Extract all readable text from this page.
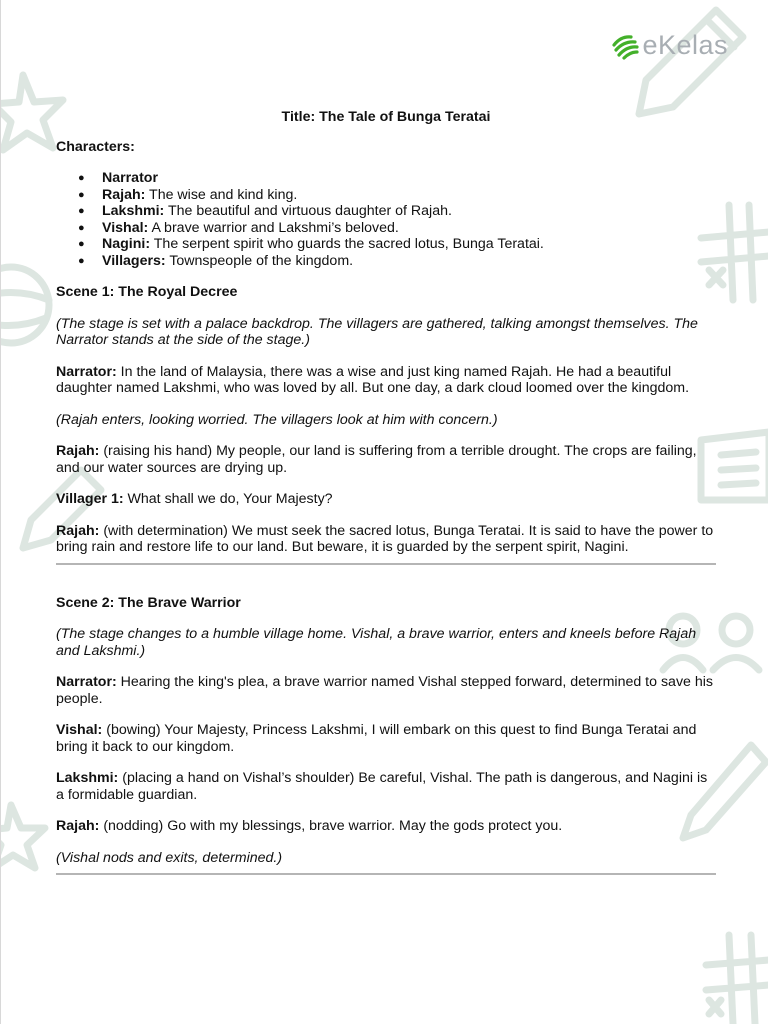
eKelas

Title: The Tale of Bunga Teratai

Characters:

● Narrator
● Rajah: The wise and kind king.
● Lakshmi: The beautiful and virtuous daughter of Rajah.
● Vishal: A brave warrior and Lakshmi’s beloved.
● Nagini: The serpent spirit who guards the sacred lotus, Bunga Teratai.
● Villagers: Townspeople of the kingdom.

Scene 1: The Royal Decree

(The stage is set with a palace backdrop. The villagers are gathered, talking amongst themselves. The Narrator stands at the side of the stage.)

Narrator: In the land of Malaysia, there was a wise and just king named Rajah. He had a beautiful daughter named Lakshmi, who was loved by all. But one day, a dark cloud loomed over the kingdom.

(Rajah enters, looking worried. The villagers look at him with concern.)

Rajah: (raising his hand) My people, our land is suffering from a terrible drought. The crops are failing, and our water sources are drying up.

Villager 1: What shall we do, Your Majesty?

Rajah: (with determination) We must seek the sacred lotus, Bunga Teratai. It is said to have the power to bring rain and restore life to our land. But beware, it is guarded by the serpent spirit, Nagini.

Scene 2: The Brave Warrior

(The stage changes to a humble village home. Vishal, a brave warrior, enters and kneels before Rajah and Lakshmi.)

Narrator: Hearing the king's plea, a brave warrior named Vishal stepped forward, determined to save his people.

Vishal: (bowing) Your Majesty, Princess Lakshmi, I will embark on this quest to find Bunga Teratai and bring it back to our kingdom.

Lakshmi: (placing a hand on Vishal’s shoulder) Be careful, Vishal. The path is dangerous, and Nagini is a formidable guardian.

Rajah: (nodding) Go with my blessings, brave warrior. May the gods protect you.

(Vishal nods and exits, determined.)
